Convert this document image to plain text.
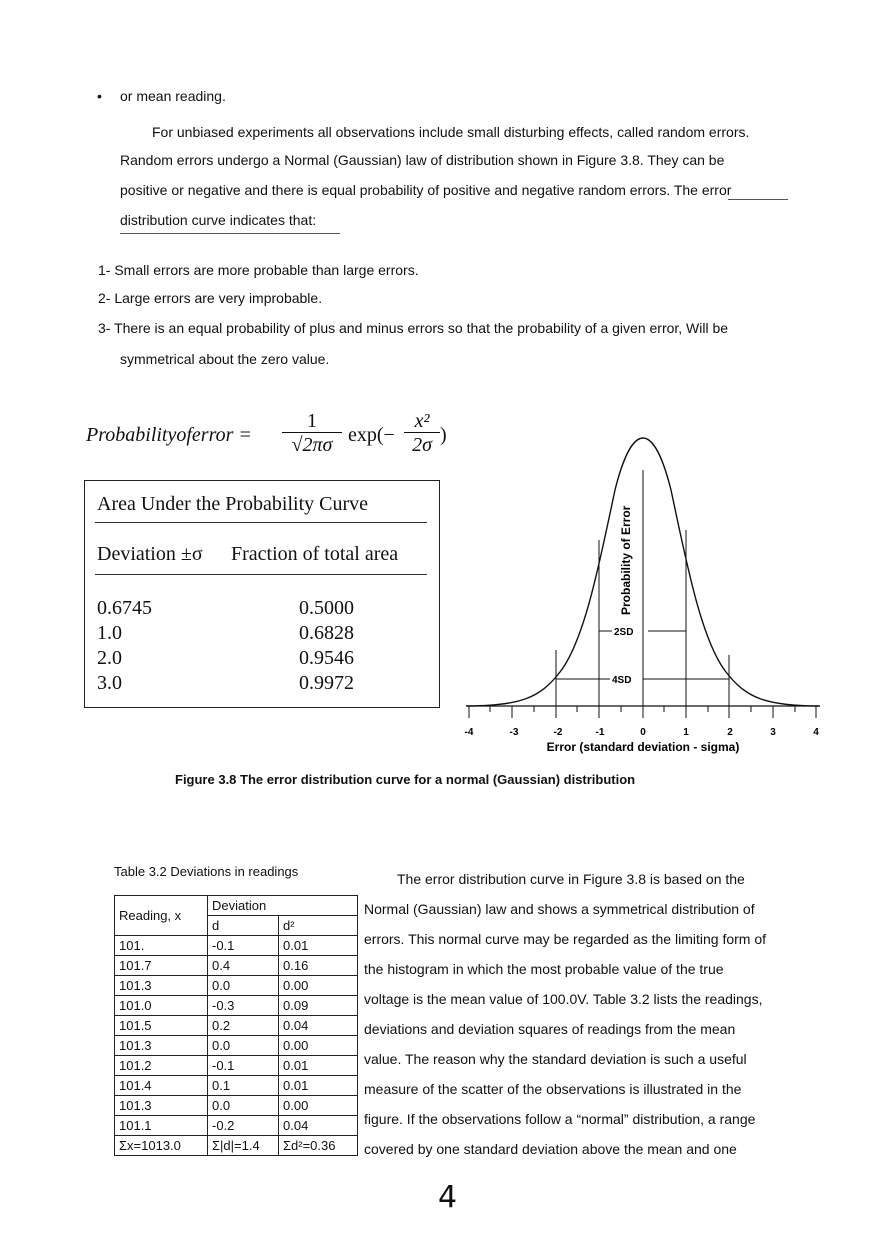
• or mean reading.
For unbiased experiments all observations include small disturbing effects, called random errors.
Random errors undergo a Normal (Gaussian) law of distribution shown in Figure 3.8. They can be
positive or negative and there is equal probability of positive and negative random errors. The error
distribution curve indicates that:
1- Small errors are more probable than large errors.
2- Large errors are very improbable.
3- There is an equal probability of plus and minus errors so that the probability of a given error, Will be
symmetrical about the zero value.
Probabilityoferror = $\frac{1}{√2\pi\sigma} \exp(- \frac{\text{x²}}{2\sigma}$ )
Area Under the Probability Curve
Deviation ±σ Fraction of total area
0.6745	0.5000
1.0	0.6828
2.0	0.9546
3.0	0.9972
2SD
4SD
Probability of Error
-4	-3	-2	-1	0	1	2	3	4
Error (standard deviation - sigma)
Figure 3.8 The error distribution curve for a normal (Gaussian) distribution
Table 3.2 Deviations in readings
Reading, x	Deviation	
	d	d²
101.	-0.1	0.01
101.7	0.4	0.16
101.3	0.0	0.00
101.0	-0.3	0.09
101.5	0.2	0.04
101.3	0.0	0.00
101.2	-0.1	0.01
101.4	0.1	0.01
101.3	0.0	0.00
101.1	-0.2	0.04
Σx=1013.0	Σ|d|=1.4	Σd²=0.36
The error distribution curve in Figure 3.8 is based on the
Normal (Gaussian) law and shows a symmetrical distribution of
errors. This normal curve may be regarded as the limiting form of
the histogram in which the most probable value of the true
voltage is the mean value of 100.0V. Table 3.2 lists the readings,
deviations and deviation squares of readings from the mean
value. The reason why the standard deviation is such a useful
measure of the scatter of the observations is illustrated in the
figure. If the observations follow a “normal” distribution, a range
covered by one standard deviation above the mean and one
4
